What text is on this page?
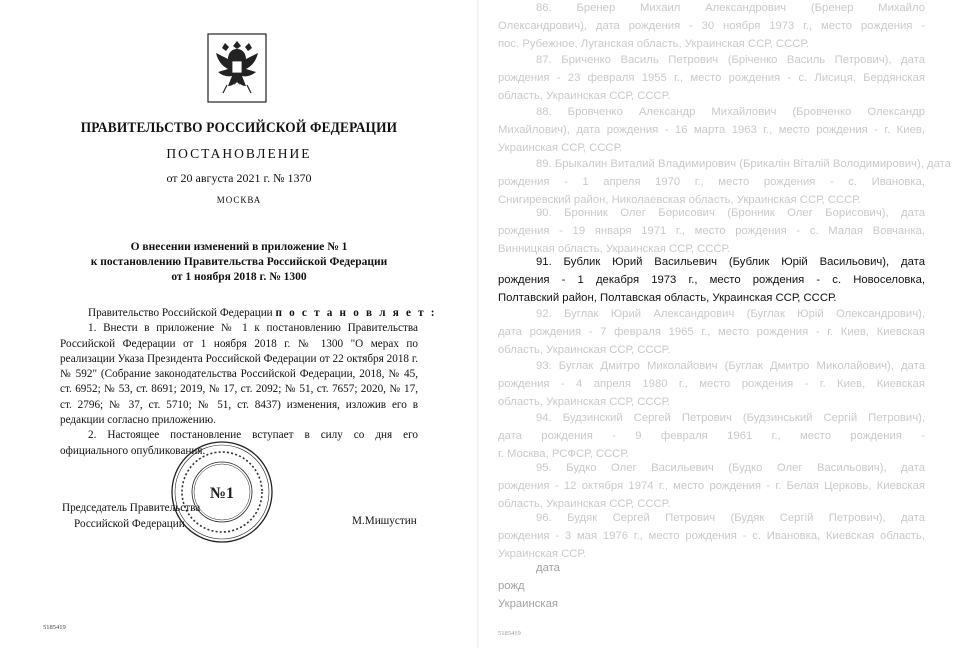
ПРАВИТЕЛЬСТВО РОССИЙСКОЙ ФЕДЕРАЦИИ
ПОСТАНОВЛЕНИЕ
от 20 августа 2021 г. № 1370
МОСКВА
О внесении изменений в приложение № 1
к постановлению Правительства Российской Федерации
от 1 ноября 2018 г. № 1300
Правительство Российской Федерации п о с т а н о в л я е т :
1. Внести в приложение № 1 к постановлению Правительства
Российской Федерации от 1 ноября 2018 г. № 1300 "О мерах по
реализации Указа Президента Российской Федерации от 22 октября 2018 г.
№ 592" (Собрание законодательства Российской Федерации, 2018, № 45,
ст. 6952; № 53, ст. 8691; 2019, № 17, ст. 2092; № 51, ст. 7657; 2020, № 17,
ст. 2796; № 37, ст. 5710; № 51, ст. 8437) изменения, изложив его в
редакции согласно приложению.
2. Настоящее постановление вступает в силу со дня его
официального опубликования.
Председатель Правительства
Российской Федерации
№1
М.Мишустин
5185419
86. Бренер Михаил Александрович (Бренер Михайло
Олександрович), дата рождения - 30 ноября 1973 г., место рождения -
пос. Рубежное, Луганская область, Украинская ССР, СССР.
87. Бриченко Василь Петрович (Бріченко Василь Петрович), дата
рождения - 23 февраля 1955 г., место рождения - с. Лисиця, Бердянская
область, Украинская ССР, СССР.
88. Бровченко Александр Михайлович (Бровченко Олександр
Михайлович), дата рождения - 16 марта 1963 г., место рождения - г. Киев,
Украинская ССР, СССР.
89. Брыкалин Виталий Владимирович (Брикалін Віталій Володимирович), дата
рождения - 1 апреля 1970 г., место рождения - с. Ивановка,
Снигиревский район, Николаевская область, Украинская ССР, СССР.
90. Бронник Олег Борисович (Бронник Олег Борисович), дата
рождения - 19 января 1971 г., место рождения - с. Малая Вовчанка,
Винницкая область, Украинская ССР, СССР.
91. Бублик Юрий Васильевич (Бублик Юрій Васильович), дата
рождения - 1 декабря 1973 г., место рождения - с. Новоселовка,
Полтавский район, Полтавская область, Украинская ССР, СССР.
92. Буглак Юрий Александрович (Буглак Юрій Олександрович),
дата рождения - 7 февраля 1965 г., место рождения - г. Киев, Киевская
область, Украинская ССР, СССР.
93. Буглак Дмитро Миколайович (Буглак Дмитро Миколайович), дата
рождения - 4 апреля 1980 г., место рождения - г. Киев, Киевская
область, Украинская ССР, СССР.
94. Будзинский Сергей Петрович (Будзинський Сергій Петрович),
дата рождения - 9 февраля 1961 г., место рождения -
г. Москва, РСФСР, СССР.
95. Будко Олег Васильевич (Будко Олег Васильович), дата
рождения - 12 октября 1974 г., место рождения - г. Белая Церковь, Киевская
область, Украинская ССР, СССР.
96. Будяк Сергей Петрович (Будяк Сергій Петрович), дата
рождения - 3 мая 1976 г., место рождения - с. Ивановка, Киевская область,
Украинская ССР.
дата
рожд
Украинская
5185419
